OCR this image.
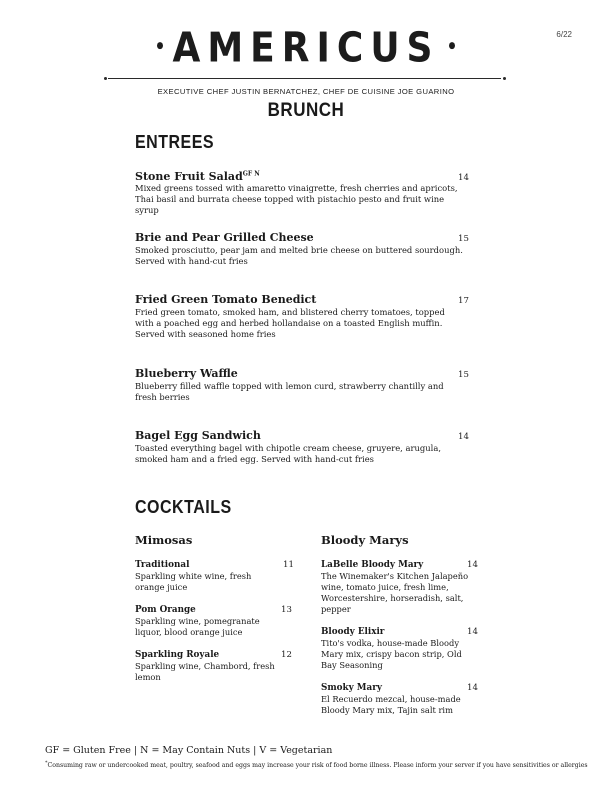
6/22
AMERICUS
EXECUTIVE CHEF JUSTIN BERNATCHEZ, CHEF DE CUISINE JOE GUARINO
BRUNCH
ENTREES
Stone Fruit Salad$^{GF N}$	14
Mixed greens tossed with amaretto vinaigrette, fresh cherries and apricots, Thai basil and burrata cheese topped with pistachio pesto and fruit wine syrup
Brie and Pear Grilled Cheese	15
Smoked prosciutto, pear jam and melted brie cheese on buttered sourdough. Served with hand-cut fries
Fried Green Tomato Benedict	17
Fried green tomato, smoked ham, and blistered cherry tomatoes, topped with a poached egg and herbed hollandaise on a toasted English muffin. Served with seasoned home fries
Blueberry Waffle	15
Blueberry filled waffle topped with lemon curd, strawberry chantilly and fresh berries
Bagel Egg Sandwich	14
Toasted everything bagel with chipotle cream cheese, gruyere, arugula, smoked ham and a fried egg. Served with hand-cut fries
COCKTAILS
Mimosas
Traditional	11
Sparkling white wine, fresh orange juice
Pom Orange	13
Sparkling wine, pomegranate liquor, blood orange juice
Sparkling Royale	12
Sparkling wine, Chambord, fresh lemon
Bloody Marys
LaBelle Bloody Mary	14
The Winemaker's Kitchen Jalapeño wine, tomato juice, fresh lime, Worcestershire, horseradish, salt, pepper
Bloody Elixir	14
Tito's vodka, house-made Bloody Mary mix, crispy bacon strip, Old Bay Seasoning
Smoky Mary	14
El Recuerdo mezcal, house-made Bloody Mary mix, Tajin salt rim
GF = Gluten Free | N = May Contain Nuts | V = Vegetarian
*Consuming raw or undercooked meat, poultry, seafood and eggs may increase your risk of food borne illness. Please inform your server if you have sensitivities or allergies
